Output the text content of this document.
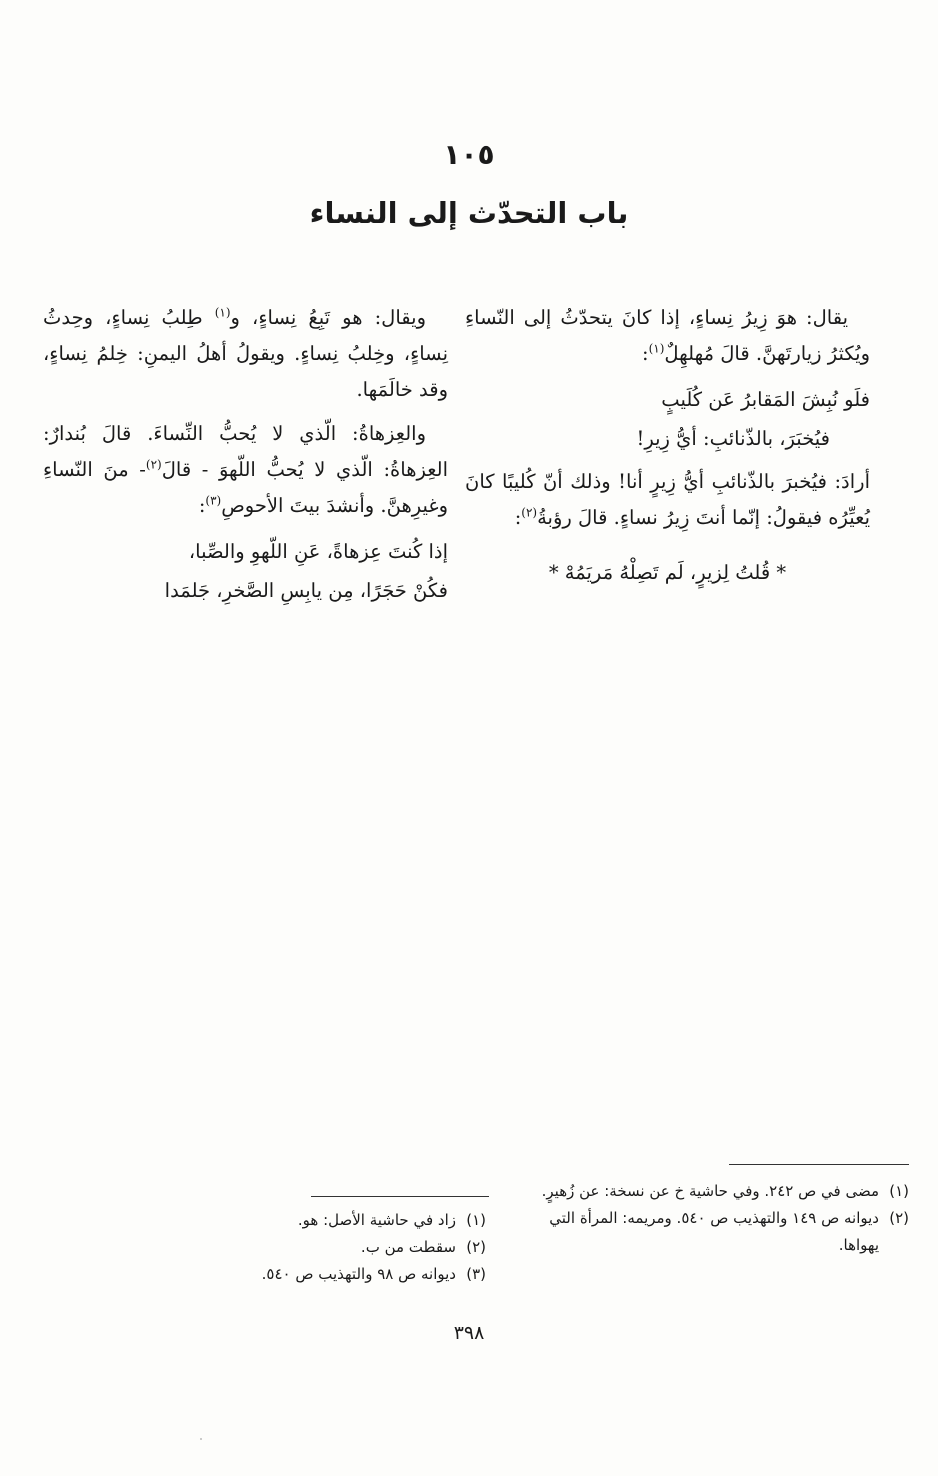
١٠٥
باب التحدّث إلى النساء

يقال: هوَ زِيرُ نِساءٍ، إذا كانَ يتحدّثُ إلى النّساءِ ويُكثرُ زيارتَهنَّ. قالَ مُهلهِلٌ$^{(١)}$:

فلَو نُبِشَ المَقابرُ عَن كُلَيبٍ
فيُخبَرَ، بالذّنائبِ: أيُّ زِيرِ!

أرادَ: فيُخبرَ بالذّنائبِ أيُّ زِيرٍ أنا! وذلك أنّ كُليبًا كانَ يُعيِّرُه فيقولُ: إنّما أنتَ زِيرُ نساءٍ. قالَ رؤبةُ$^{(٢)}$:

* قُلتُ لِزيرٍ، لَم تَصِلْهُ مَريَمُهْ *

ويقال: هو تَبِعُ نِساءٍ، و$^{(١)}$ طِلبُ نِساءٍ، وحِدثُ نِساءٍ، وخِلبُ نِساءٍ. ويقولُ أهلُ اليمنِ: خِلمُ نِساءٍ، وقد خالَمَها.

والعِزهاةُ: الّذي لا يُحبُّ النِّساءَ. قالَ بُندارٌ: العِزهاةُ: الّذي لا يُحبُّ اللّهوَ - قالَ$^{(٢)}$- منَ النّساءِ وغيرِهنَّ. وأنشدَ بيتَ الأحوصِ$^{(٣)}$:

إذا كُنتَ عِزهاةً، عَنِ اللّهوِ والصِّبا،
فكُنْ حَجَرًا، مِن يابِسِ الصَّخرِ، جَلمَدا
(١)
مضى في ص ٢٤٢. وفي حاشية خ عن نسخة: عن زُهيرٍ.
(٢)
ديوانه ص ١٤٩ والتهذيب ص ٥٤٠. ومريمه: المرأة التي يهواها.
(١)
زاد في حاشية الأصل: هو.
(٢)
سقطت من ب.
(٣)
ديوانه ص ٩٨ والتهذيب ص ٥٤٠.
٣٩٨
